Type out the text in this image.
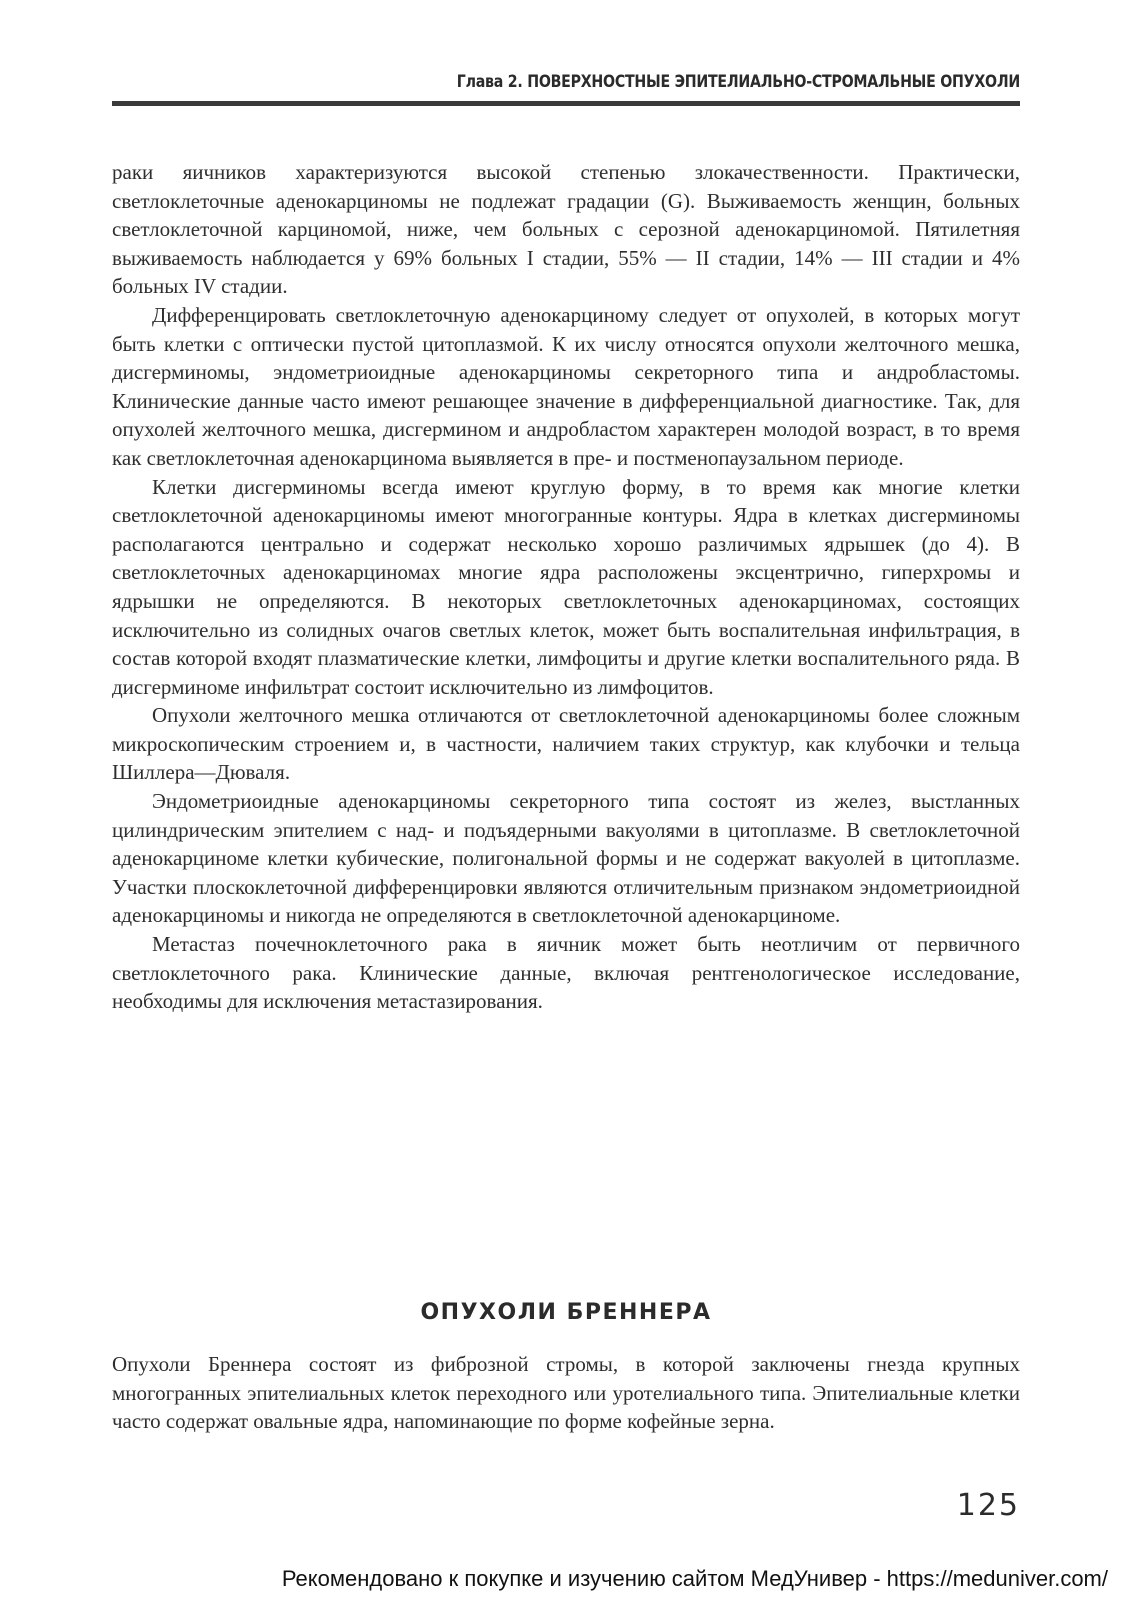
Глава 2. ПОВЕРХНОСТНЫЕ ЭПИТЕЛИАЛЬНО-СТРОМАЛЬНЫЕ ОПУХОЛИ

раки яичников характеризуются высокой степенью злокачественности. Практически, светлоклеточные аденокарциномы не подлежат градации (G). Выживаемость женщин, больных светлоклеточной карциномой, ниже, чем больных с серозной аденокарциномой. Пятилетняя выживаемость наблюдается у 69% больных I стадии, 55% — II стадии, 14% — III стадии и 4% больных IV стадии.

Дифференцировать светлоклеточную аденокарциному следует от опухолей, в которых могут быть клетки с оптически пустой цитоплазмой. К их числу относятся опухоли желточного мешка, дисгерминомы, эндометриоидные аденокарциномы секреторного типа и андробластомы. Клинические данные часто имеют решающее значение в дифференциальной диагностике. Так, для опухолей желточного мешка, дисгермином и андробластом характерен молодой возраст, в то время как светлоклеточная аденокарцинома выявляется в пре- и постменопаузальном периоде.

Клетки дисгерминомы всегда имеют круглую форму, в то время как многие клетки светлоклеточной аденокарциномы имеют многогранные контуры. Ядра в клетках дисгерминомы располагаются центрально и содержат несколько хорошо различимых ядрышек (до 4). В светлоклеточных аденокарциномах многие ядра расположены эксцентрично, гиперхромы и ядрышки не определяются. В некоторых светлоклеточных аденокарциномах, состоящих исключительно из солидных очагов светлых клеток, может быть воспалительная инфильтрация, в состав которой входят плазматические клетки, лимфоциты и другие клетки воспалительного ряда. В дисгерминоме инфильтрат состоит исключительно из лимфоцитов.

Опухоли желточного мешка отличаются от светлоклеточной аденокарциномы более сложным микроскопическим строением и, в частности, наличием таких структур, как клубочки и тельца Шиллера—Дюваля.

Эндометриоидные аденокарциномы секреторного типа состоят из желез, выстланных цилиндрическим эпителием с над- и подъядерными вакуолями в цитоплазме. В светлоклеточной аденокарциноме клетки кубические, полигональной формы и не содержат вакуолей в цитоплазме. Участки плоскоклеточной дифференцировки являются отличительным признаком эндометриоидной аденокарциномы и никогда не определяются в светлоклеточной аденокарциноме.

Метастаз почечноклеточного рака в яичник может быть неотличим от первичного светлоклеточного рака. Клинические данные, включая рентгенологическое исследование, необходимы для исключения метастазирования.

ОПУХОЛИ БРЕННЕРА

Опухоли Бреннера состоят из фиброзной стромы, в которой заключены гнезда крупных многогранных эпителиальных клеток переходного или уротелиального типа. Эпителиальные клетки часто содержат овальные ядра, напоминающие по форме кофейные зерна.

125
Рекомендовано к покупке и изучению сайтом МедУнивер - https://meduniver.com/
